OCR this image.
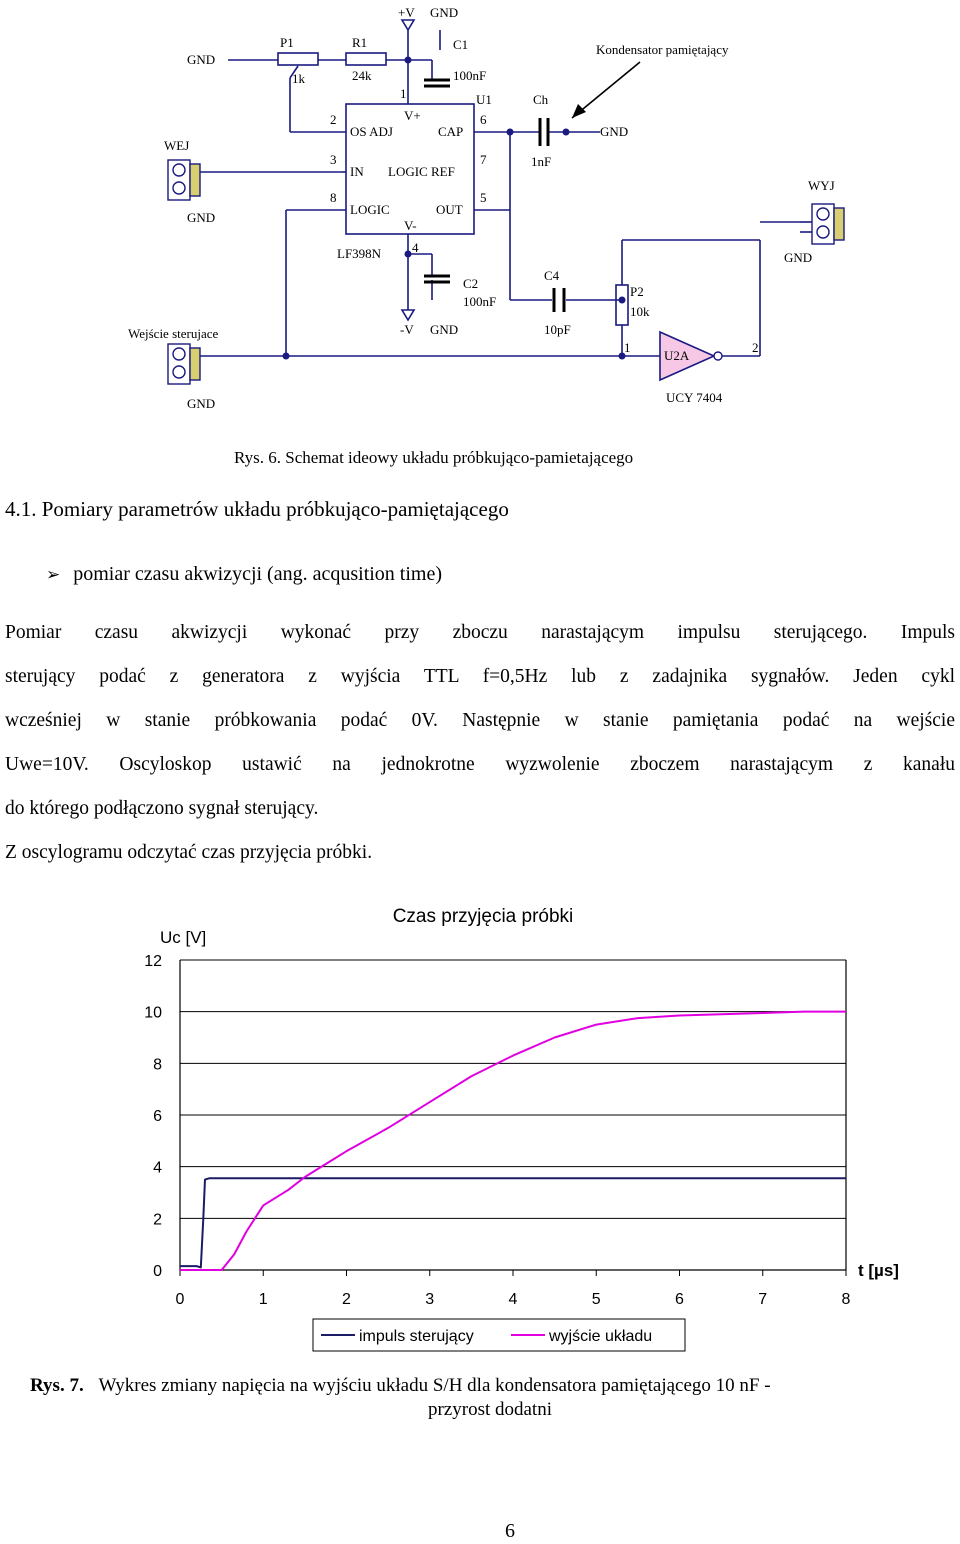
GND
P1
1k
R1
24k
+V GND
C1
100nF
Kondensator pamiętający
1	U1
V+	6
Ch
2
OS ADJ	CAP	GND
WEJ
3
IN LOGIC REF
7	1nF
WYJ
8
LOGIC	OUT
5
GND
V-
LF398N 4
C4
GND
C2
P2
100nF
10k
Wejście sterujace	-V GND	10pF
1
U2A
2
GND	UCY 7404
Rys. 6. Schemat ideowy układu próbkująco-pamietającego
4.1. Pomiary parametrów układu próbkująco-pamiętającego
➢ pomiar czasu akwizycji (ang. acqusition time)

Pomiar czasu akwizycji wykonać przy zboczu narastającym impulsu sterującego. Impuls

sterujący podać z generatora z wyjścia TTL f=0,5Hz lub z zadajnika sygnałów. Jeden cykl

wcześniej w stanie próbkowania podać 0V. Następnie w stanie pamiętania podać na wejście

Uwe=10V. Oscyloskop ustawić na jednokrotne wyzwolenie zboczem narastającym z kanału

do którego podłączono sygnał sterujący.

Z oscylogramu odczytać czas przyjęcia próbki.

0	1	2	3	4	5	6	7	8
12
10
8
6
4
2
0
Czas przyjęcia próbki
Uc [V]
t [µs]
impuls sterujący	wyjście układu
Rys. 7. Wykres zmiany napięcia na wyjściu układu S/H dla kondensatora pamiętającego 10 nF -
przyrost dodatni
6
